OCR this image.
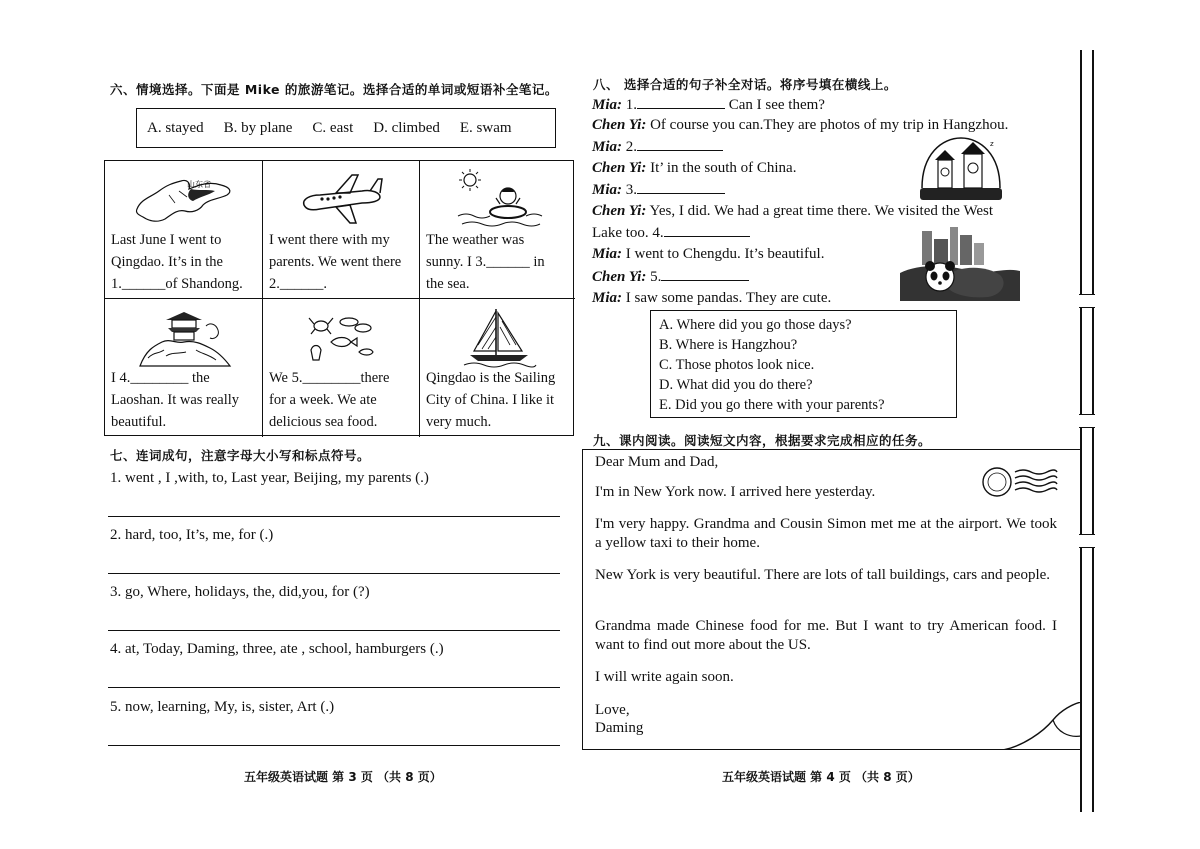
六、情境选择。下面是 Mike 的旅游笔记。选择合适的单词或短语补全笔记。
A. stayed B. by plane C. east D. climbed E. swam
山东省
Last June I went to
Qingdao. It’s in the
1.______of Shandong.
I went there with my
parents. We went there
2.______.
The weather was
sunny. I 3.______ in
the sea.
I 4.________ the
Laoshan. It was really
beautiful.
We 5.________there
for a week. We ate
delicious sea food.
Qingdao is the Sailing
City of China. I like it
very much.
七、连词成句，注意字母大小写和标点符号。
1. went , I ,with, to, Last year, Beijing, my parents (.)
2. hard, too, It’s, me, for (.)
3. go, Where, holidays, the, did,you, for (?)
4. at, Today, Daming, three, ate , school, hamburgers (.)
5. now, learning, My, is, sister, Art (.)
八、 选择合适的句子补全对话。将序号填在横线上。
Mia: 1.	Can I see them?
Chen Yi: Of course you can.They are photos of my trip in Hangzhou.
Mia: 2.
Chen Yi: It’ in the south of China.
Mia: 3.
Chen Yi: Yes, I did. We had a great time there. We visited the West
Lake too. 4.
Mia: I went to Chengdu. It’s beautiful.
Chen Yi: 5.
Mia: I saw some pandas. They are cute.
z
A. Where did you go those days?
B. Where is Hangzhou?
C. Those photos look nice.
D. What did you do there?
E. Did you go there with your parents?
九、课内阅读。阅读短文内容，根据要求完成相应的任务。
Dear Mum and Dad,
I'm in New York now. I arrived here yesterday.
I'm very happy. Grandma and Cousin Simon met me at the airport. We took a yellow taxi to their home.
New York is very beautiful. There are lots of tall buildings, cars and people.
Grandma made Chinese food for me. But I want to try American food. I want to find out more about the US.
I will write again soon.
Love,
Daming
五年级英语试题 第 3 页 （共 8 页）	五年级英语试题 第 4 页 （共 8 页）
